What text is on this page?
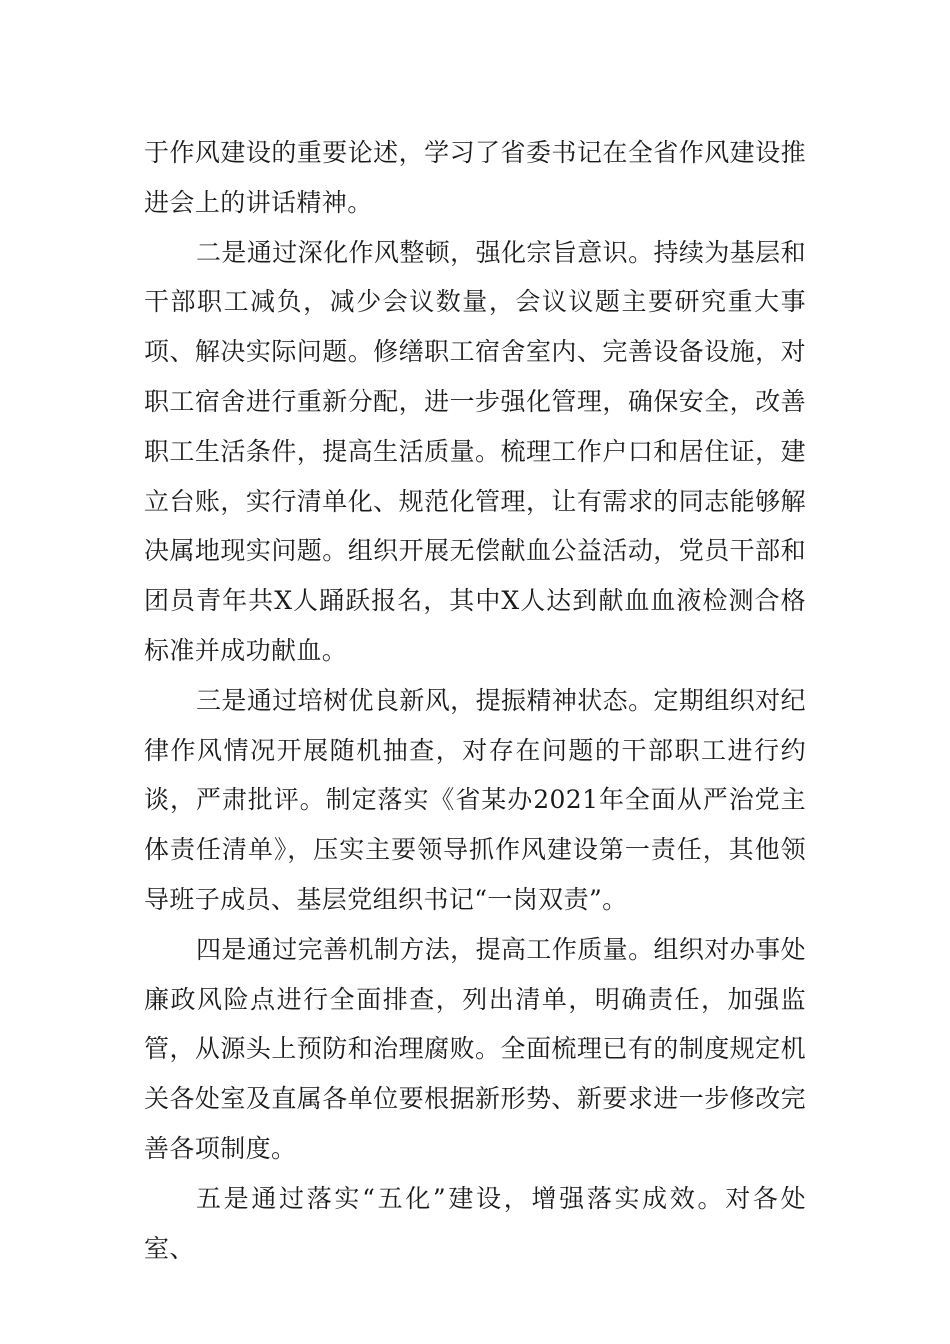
于作风建设的重要论述，学习了省委书记在全省作风建设推进会上的讲话精神。

二是通过深化作风整顿，强化宗旨意识。持续为基层和干部职工减负，减少会议数量，会议议题主要研究重大事项、解决实际问题。修缮职工宿舍室内、完善设备设施，对职工宿舍进行重新分配，进一步强化管理，确保安全，改善职工生活条件，提高生活质量。梳理工作户口和居住证，建立台账，实行清单化、规范化管理，让有需求的同志能够解决属地现实问题。组织开展无偿献血公益活动，党员干部和团员青年共X人踊跃报名，其中X人达到献血血液检测合格标准并成功献血。

三是通过培树优良新风，提振精神状态。定期组织对纪律作风情况开展随机抽查，对存在问题的干部职工进行约谈，严肃批评。制定落实《省某办2021年全面从严治党主体责任清单》，压实主要领导抓作风建设第一责任，其他领导班子成员、基层党组织书记“一岗双责”。

四是通过完善机制方法，提高工作质量。组织对办事处廉政风险点进行全面排查，列出清单，明确责任，加强监管，从源头上预防和治理腐败。全面梳理已有的制度规定机关各处室及直属各单位要根据新形势、新要求进一步修改完善各项制度。

五是通过落实“五化”建设，增强落实成效。对各处室、
